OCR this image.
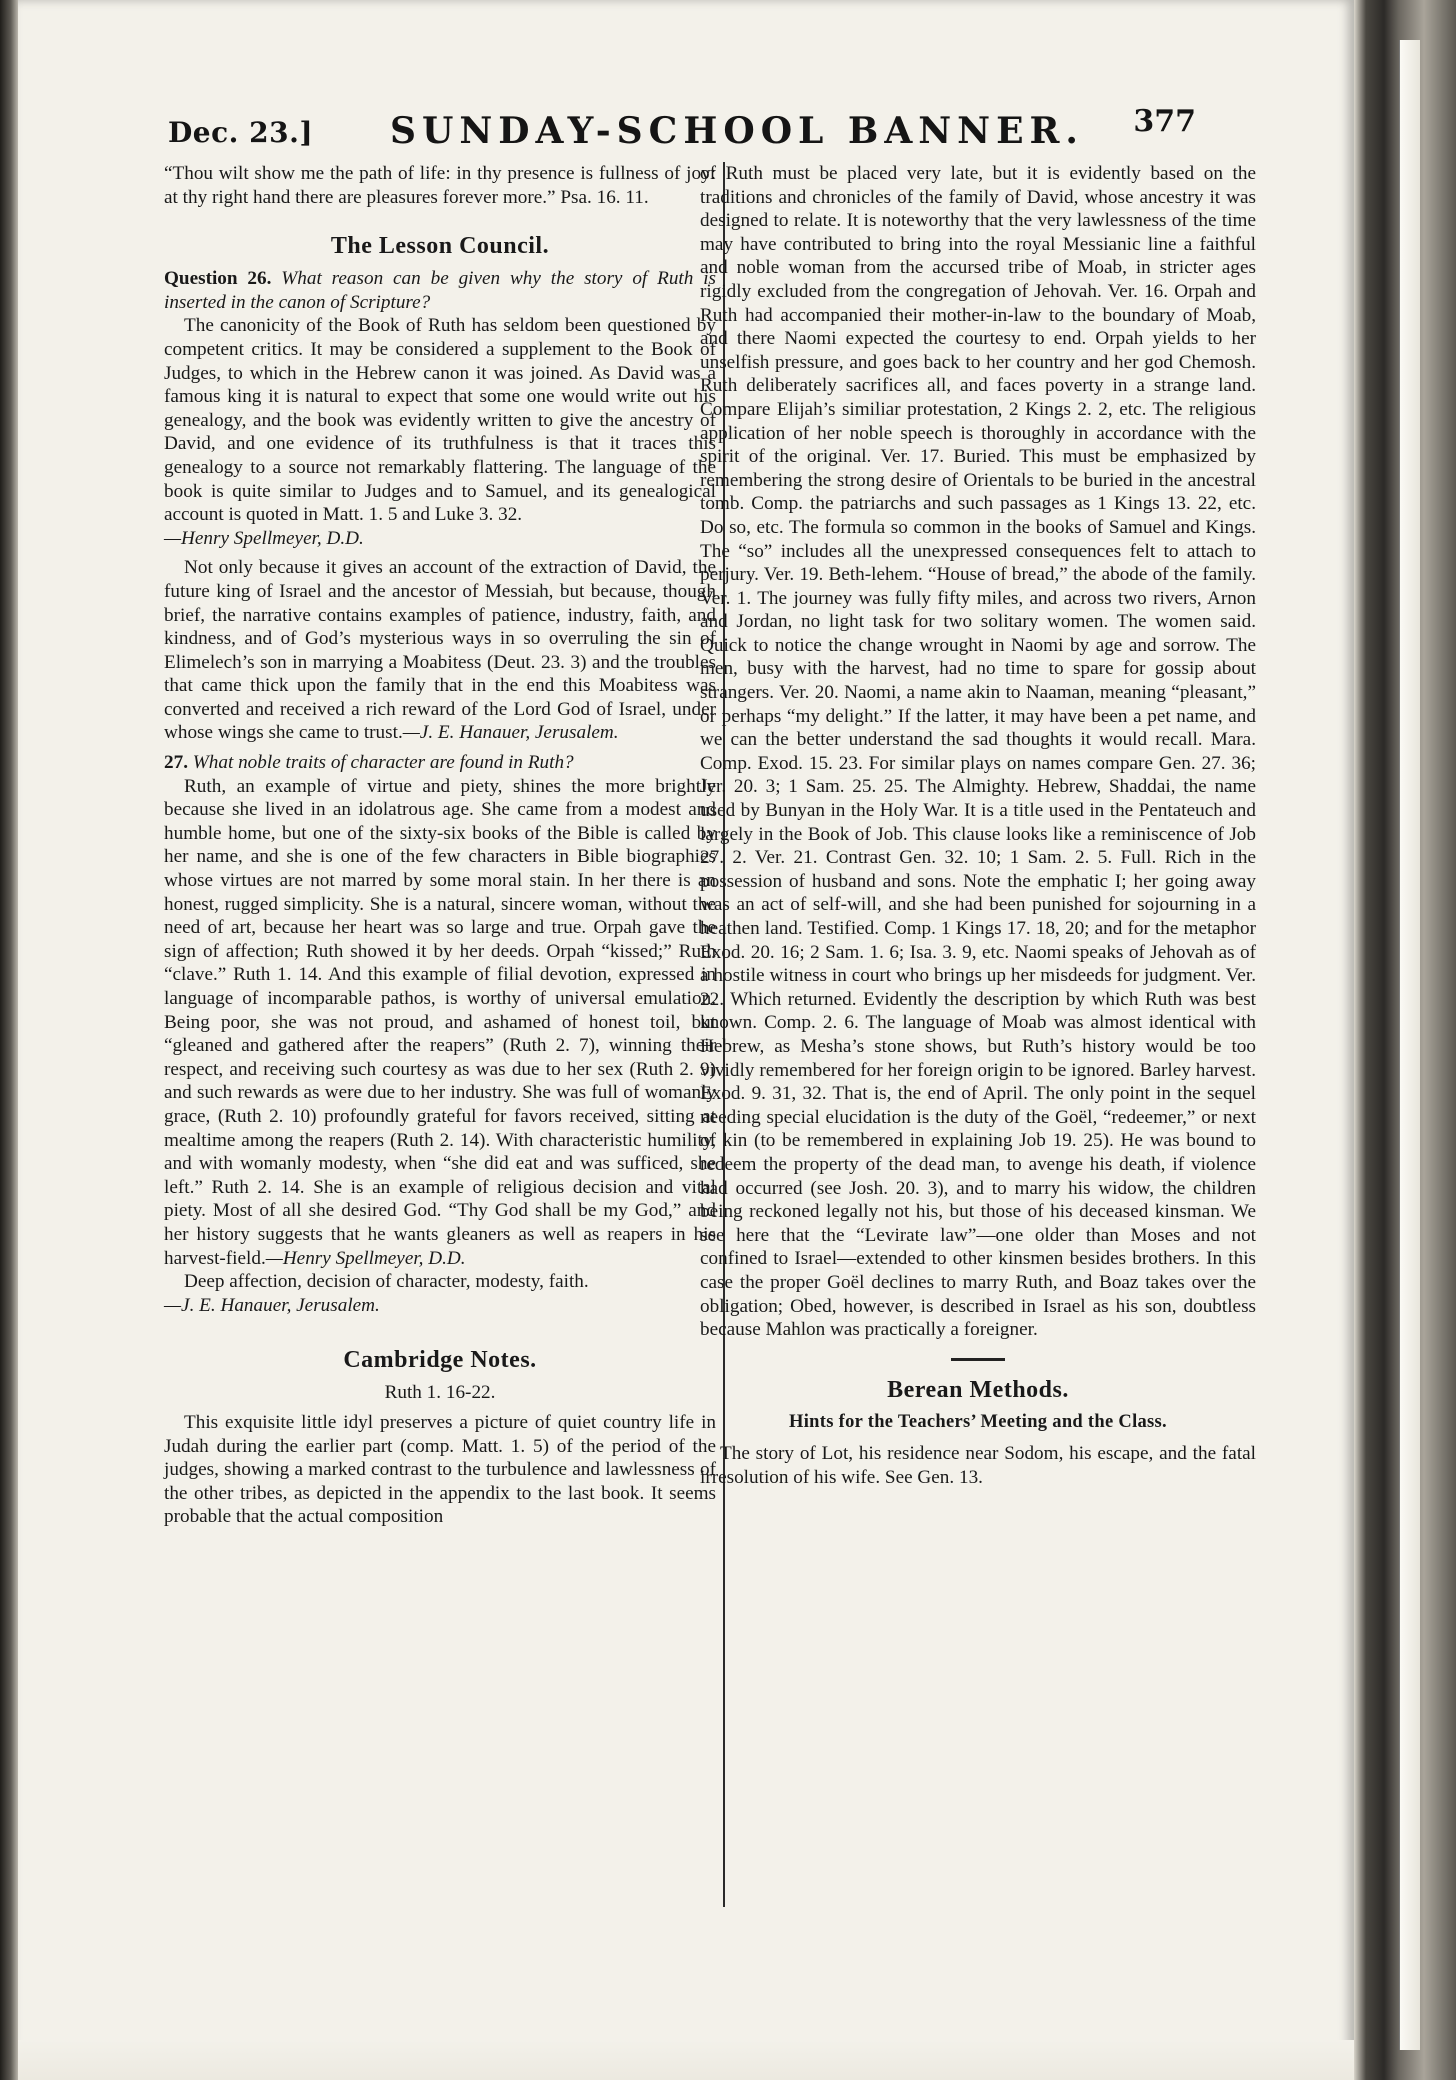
Dec. 23.] SUNDAY-SCHOOL BANNER. 377

“Thou wilt show me the path of life: in thy presence is fullness of joy: at thy right hand there are pleasures forever more.” Psa. 16. 11.

The Lesson Council.

Question 26. What reason can be given why the story of Ruth is inserted in the canon of Scripture?

The canonicity of the Book of Ruth has seldom been questioned by competent critics. It may be considered a supplement to the Book of Judges, to which in the Hebrew canon it was joined. As David was a famous king it is natural to expect that some one would write out his genealogy, and the book was evidently written to give the ancestry of David, and one evidence of its truthfulness is that it traces this genealogy to a source not remarkably flattering. The language of the book is quite similar to Judges and to Samuel, and its genealogical account is quoted in Matt. 1. 5 and Luke 3. 32.
—Henry Spellmeyer, D.D.

Not only because it gives an account of the extraction of David, the future king of Israel and the ancestor of Messiah, but because, though brief, the narrative contains examples of patience, industry, faith, and kindness, and of God’s mysterious ways in so overruling the sin of Elimelech’s son in marrying a Moabitess (Deut. 23. 3) and the troubles that came thick upon the family that in the end this Moabitess was converted and received a rich reward of the Lord God of Israel, under whose wings she came to trust.—J. E. Hanauer, Jerusalem.

27. What noble traits of character are found in Ruth?

Ruth, an example of virtue and piety, shines the more brightly because she lived in an idolatrous age. She came from a modest and humble home, but one of the sixty-six books of the Bible is called by her name, and she is one of the few characters in Bible biographies whose virtues are not marred by some moral stain. In her there is an honest, rugged simplicity. She is a natural, sincere woman, without the need of art, because her heart was so large and true. Orpah gave the sign of affection; Ruth showed it by her deeds. Orpah “kissed;” Ruth “clave.” Ruth 1. 14. And this example of filial devotion, expressed in language of incomparable pathos, is worthy of universal emulation. Being poor, she was not proud, and ashamed of honest toil, but “gleaned and gathered after the reapers” (Ruth 2. 7), winning their respect, and receiving such courtesy as was due to her sex (Ruth 2. 9) and such rewards as were due to her industry. She was full of womanly grace, (Ruth 2. 10) profoundly grateful for favors received, sitting at mealtime among the reapers (Ruth 2. 14). With characteristic humility, and with womanly modesty, when “she did eat and was sufficed, she left.” Ruth 2. 14. She is an example of religious decision and vital piety. Most of all she desired God. “Thy God shall be my God,” and her history suggests that he wants gleaners as well as reapers in his harvest-field.—Henry Spellmeyer, D.D.

Deep affection, decision of character, modesty, faith.
—J. E. Hanauer, Jerusalem.

Cambridge Notes.
Ruth 1. 16-22.

This exquisite little idyl preserves a picture of quiet country life in Judah during the earlier part (comp. Matt. 1. 5) of the period of the judges, showing a marked contrast to the turbulence and lawlessness of the other tribes, as depicted in the appendix to the last book. It seems probable that the actual composition

of Ruth must be placed very late, but it is evidently based on the traditions and chronicles of the family of David, whose ancestry it was designed to relate. It is noteworthy that the very lawlessness of the time may have contributed to bring into the royal Messianic line a faithful and noble woman from the accursed tribe of Moab, in stricter ages rigidly excluded from the congregation of Jehovah. Ver. 16. Orpah and Ruth had accompanied their mother-in-law to the boundary of Moab, and there Naomi expected the courtesy to end. Orpah yields to her unselfish pressure, and goes back to her country and her god Chemosh. Ruth deliberately sacrifices all, and faces poverty in a strange land. Compare Elijah’s similiar protestation, 2 Kings 2. 2, etc. The religious application of her noble speech is thoroughly in accordance with the spirit of the original. Ver. 17. Buried. This must be emphasized by remembering the strong desire of Orientals to be buried in the ancestral tomb. Comp. the patriarchs and such passages as 1 Kings 13. 22, etc. Do so, etc. The formula so common in the books of Samuel and Kings. The “so” includes all the unexpressed consequences felt to attach to perjury. Ver. 19. Beth-lehem. “House of bread,” the abode of the family. Ver. 1. The journey was fully fifty miles, and across two rivers, Arnon and Jordan, no light task for two solitary women. The women said. Quick to notice the change wrought in Naomi by age and sorrow. The men, busy with the harvest, had no time to spare for gossip about strangers. Ver. 20. Naomi, a name akin to Naaman, meaning “pleasant,” or perhaps “my delight.” If the latter, it may have been a pet name, and we can the better understand the sad thoughts it would recall. Mara. Comp. Exod. 15. 23. For similar plays on names compare Gen. 27. 36; Jer. 20. 3; 1 Sam. 25. 25. The Almighty. Hebrew, Shaddai, the name used by Bunyan in the Holy War. It is a title used in the Pentateuch and largely in the Book of Job. This clause looks like a reminiscence of Job 27. 2. Ver. 21. Contrast Gen. 32. 10; 1 Sam. 2. 5. Full. Rich in the possession of husband and sons. Note the emphatic I; her going away was an act of self-will, and she had been punished for sojourning in a heathen land. Testified. Comp. 1 Kings 17. 18, 20; and for the metaphor Exod. 20. 16; 2 Sam. 1. 6; Isa. 3. 9, etc. Naomi speaks of Jehovah as of a hostile witness in court who brings up her misdeeds for judgment. Ver. 22. Which returned. Evidently the description by which Ruth was best known. Comp. 2. 6. The language of Moab was almost identical with Hebrew, as Mesha’s stone shows, but Ruth’s history would be too vividly remembered for her foreign origin to be ignored. Barley harvest. Exod. 9. 31, 32. That is, the end of April. The only point in the sequel needing special elucidation is the duty of the Goël, “redeemer,” or next of kin (to be remembered in explaining Job 19. 25). He was bound to redeem the property of the dead man, to avenge his death, if violence had occurred (see Josh. 20. 3), and to marry his widow, the children being reckoned legally not his, but those of his deceased kinsman. We see here that the “Levirate law”—one older than Moses and not confined to Israel—extended to other kinsmen besides brothers. In this case the proper Goël declines to marry Ruth, and Boaz takes over the obligation; Obed, however, is described in Israel as his son, doubtless because Mahlon was practically a foreigner.

Berean Methods.
Hints for the Teachers’ Meeting and the Class.

The story of Lot, his residence near Sodom, his escape, and the fatal irresolution of his wife. See Gen. 13.
